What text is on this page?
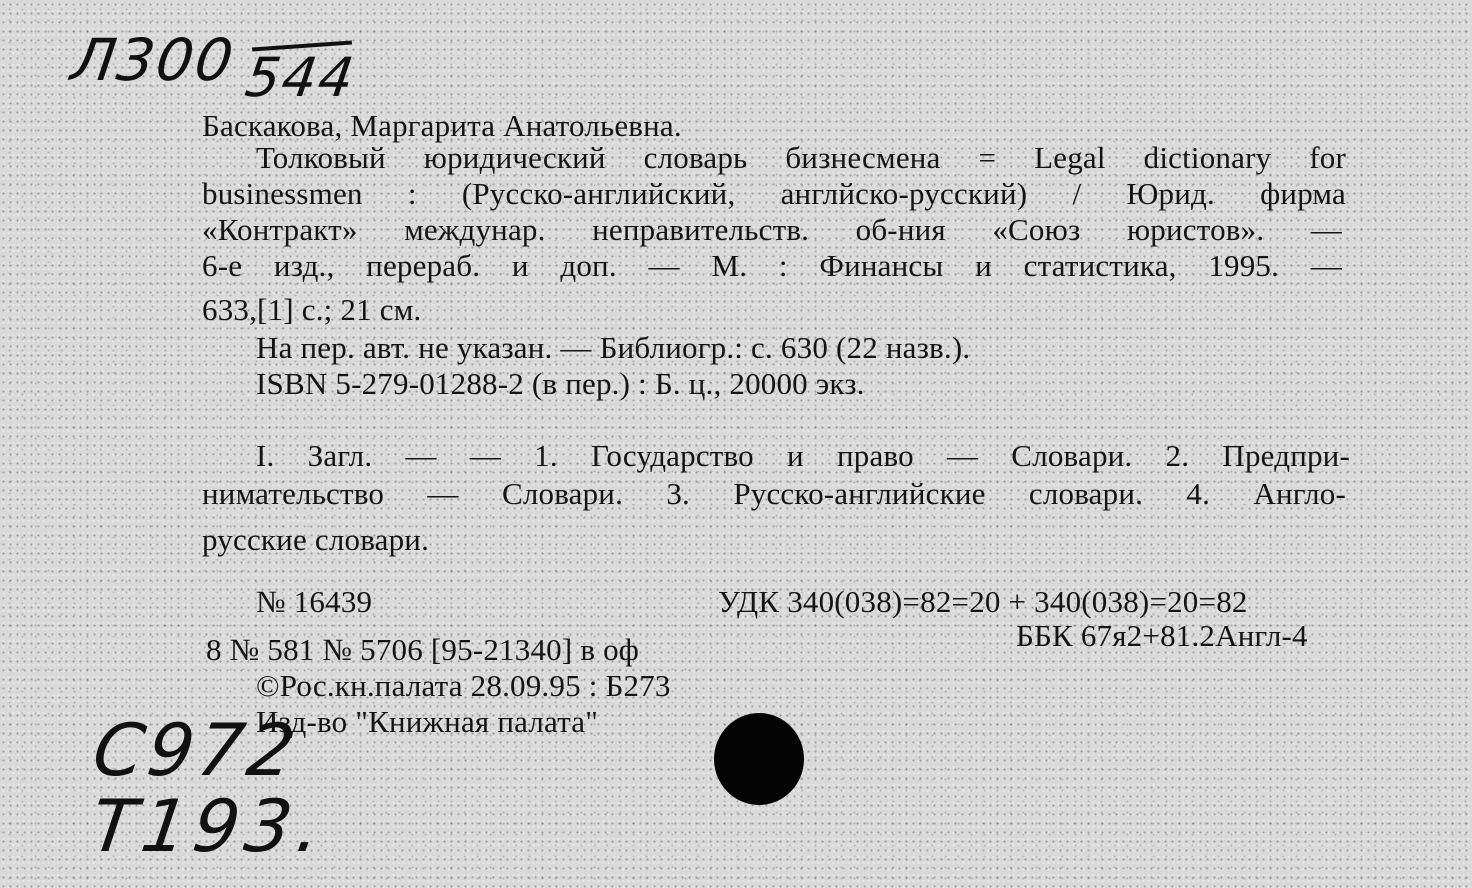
Л300 544
Баскакова, Маргарита Анатольевна.
Толковый юридический словарь бизнесмена = Legal dictionary for
businessmen : (Русско-английский, англйско-русский) / Юрид. фирма
«Контракт» междунар. неправительств. об-ния «Союз юристов». —
6-е изд., перераб. и доп. — М. : Финансы и статистика, 1995. —
633,[1] с.; 21 см.
На пер. авт. не указан. — Библиогр.: с. 630 (22 назв.).
ISBN 5-279-01288-2 (в пер.) : Б. ц., 20000 экз.
I. Загл. — — 1. Государство и право — Словари. 2. Предпри-
нимательство — Словари. 3. Русско-английские словари. 4. Англо-
русские словари.
№ 16439	УДК 340(038)=82=20 + 340(038)=20=82
8 № 581 № 5706 [95-21340] в оф	ББК 67я2+81.2Англ-4
©Рос.кн.палата 28.09.95 : Б273
Изд-во "Книжная палата"
С972
Т193.
